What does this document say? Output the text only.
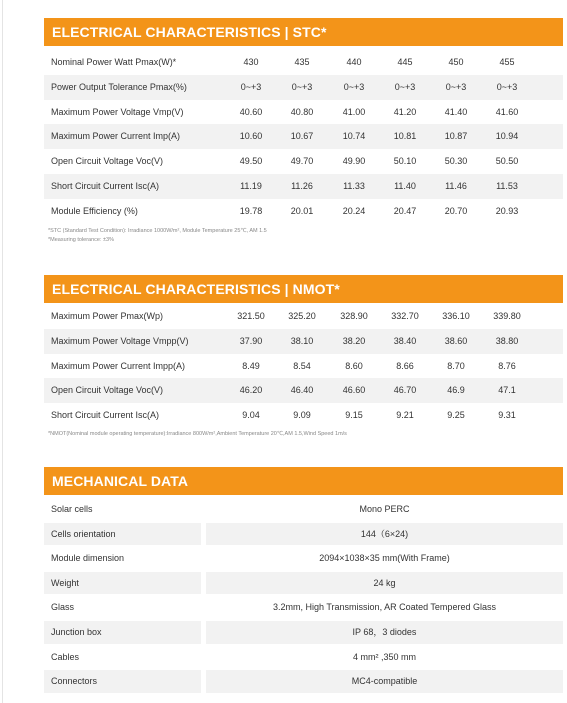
ELECTRICAL CHARACTERISTICS | STC*
Nominal Power Watt Pmax(W)*	430	435	440	445	450	455
Power Output Tolerance Pmax(%)	0~+3	0~+3	0~+3	0~+3	0~+3	0~+3
Maximum Power Voltage Vmp(V)	40.60	40.80	41.00	41.20	41.40	41.60
Maximum Power Current Imp(A)	10.60	10.67	10.74	10.81	10.87	10.94
Open Circuit Voltage Voc(V)	49.50	49.70	49.90	50.10	50.30	50.50
Short Circuit Current Isc(A)	11.19	11.26	11.33	11.40	11.46	11.53
Module Efficiency (%)	19.78	20.01	20.24	20.47	20.70	20.93
*STC (Standard Test Condition): Irradiance 1000W/m², Module Temperature 25℃, AM 1.5
*Measuring tolerance: ±3%
ELECTRICAL CHARACTERISTICS | NMOT*
Maximum Power Pmax(Wp)	321.50	325.20	328.90	332.70	336.10	339.80
Maximum Power Voltage Vmpp(V)	37.90	38.10	38.20	38.40	38.60	38.80
Maximum Power Current Impp(A)	8.49	8.54	8.60	8.66	8.70	8.76
Open Circuit Voltage Voc(V)	46.20	46.40	46.60	46.70	46.9	47.1
Short Circuit Current Isc(A)	9.04	9.09	9.15	9.21	9.25	9.31
*NMOT(Nominal module operating temperature):Irradiance 800W/m²,Ambient Temperature 20℃,AM 1.5,Wind Speed 1m/s
MECHANICAL DATA
Solar cells	Mono PERC
Cells orientation	144（6×24)
Module dimension	2094×1038×35 mm(With Frame)
Weight	24 kg
Glass	3.2mm, High Transmission, AR Coated Tempered Glass
Junction box	IP 68，3 diodes
Cables	4 mm² ,350 mm
Connectors	MC4-compatible
